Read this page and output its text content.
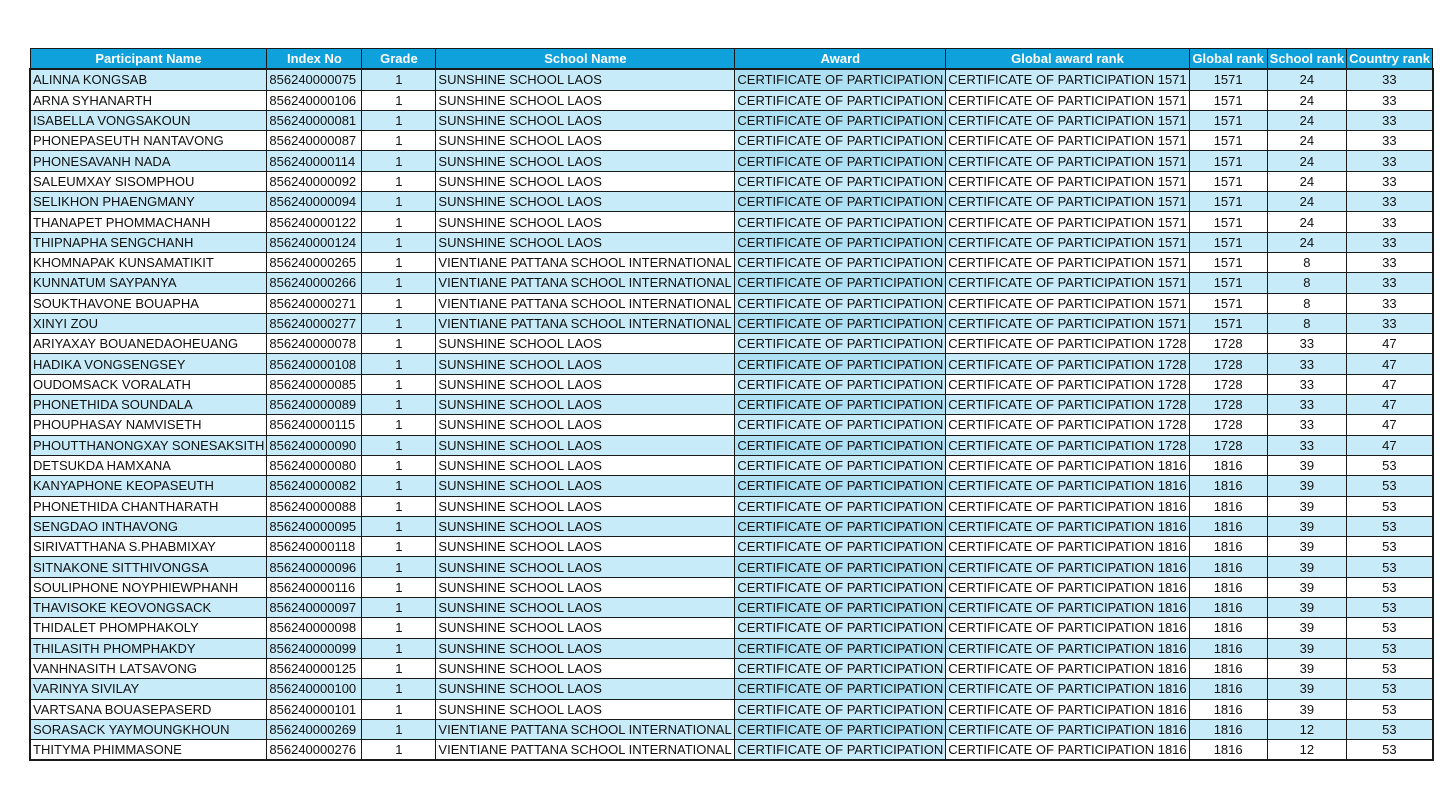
Participant Name	Index No	Grade	School Name	Award	Global award rank	Global rank	School rank	Country rank
ALINNA KONGSAB	856240000075	1	SUNSHINE SCHOOL LAOS	CERTIFICATE OF PARTICIPATION	CERTIFICATE OF PARTICIPATION 1571	1571	24	33
ARNA SYHANARTH	856240000106	1	SUNSHINE SCHOOL LAOS	CERTIFICATE OF PARTICIPATION	CERTIFICATE OF PARTICIPATION 1571	1571	24	33
ISABELLA VONGSAKOUN	856240000081	1	SUNSHINE SCHOOL LAOS	CERTIFICATE OF PARTICIPATION	CERTIFICATE OF PARTICIPATION 1571	1571	24	33
PHONEPASEUTH NANTAVONG	856240000087	1	SUNSHINE SCHOOL LAOS	CERTIFICATE OF PARTICIPATION	CERTIFICATE OF PARTICIPATION 1571	1571	24	33
PHONESAVANH NADA	856240000114	1	SUNSHINE SCHOOL LAOS	CERTIFICATE OF PARTICIPATION	CERTIFICATE OF PARTICIPATION 1571	1571	24	33
SALEUMXAY SISOMPHOU	856240000092	1	SUNSHINE SCHOOL LAOS	CERTIFICATE OF PARTICIPATION	CERTIFICATE OF PARTICIPATION 1571	1571	24	33
SELIKHON PHAENGMANY	856240000094	1	SUNSHINE SCHOOL LAOS	CERTIFICATE OF PARTICIPATION	CERTIFICATE OF PARTICIPATION 1571	1571	24	33
THANAPET PHOMMACHANH	856240000122	1	SUNSHINE SCHOOL LAOS	CERTIFICATE OF PARTICIPATION	CERTIFICATE OF PARTICIPATION 1571	1571	24	33
THIPNAPHA SENGCHANH	856240000124	1	SUNSHINE SCHOOL LAOS	CERTIFICATE OF PARTICIPATION	CERTIFICATE OF PARTICIPATION 1571	1571	24	33
KHOMNAPAK KUNSAMATIKIT	856240000265	1	VIENTIANE PATTANA SCHOOL INTERNATIONAL	CERTIFICATE OF PARTICIPATION	CERTIFICATE OF PARTICIPATION 1571	1571	8	33
KUNNATUM SAYPANYA	856240000266	1	VIENTIANE PATTANA SCHOOL INTERNATIONAL	CERTIFICATE OF PARTICIPATION	CERTIFICATE OF PARTICIPATION 1571	1571	8	33
SOUKTHAVONE BOUAPHA	856240000271	1	VIENTIANE PATTANA SCHOOL INTERNATIONAL	CERTIFICATE OF PARTICIPATION	CERTIFICATE OF PARTICIPATION 1571	1571	8	33
XINYI ZOU	856240000277	1	VIENTIANE PATTANA SCHOOL INTERNATIONAL	CERTIFICATE OF PARTICIPATION	CERTIFICATE OF PARTICIPATION 1571	1571	8	33
ARIYAXAY BOUANEDAOHEUANG	856240000078	1	SUNSHINE SCHOOL LAOS	CERTIFICATE OF PARTICIPATION	CERTIFICATE OF PARTICIPATION 1728	1728	33	47
HADIKA VONGSENGSEY	856240000108	1	SUNSHINE SCHOOL LAOS	CERTIFICATE OF PARTICIPATION	CERTIFICATE OF PARTICIPATION 1728	1728	33	47
OUDOMSACK VORALATH	856240000085	1	SUNSHINE SCHOOL LAOS	CERTIFICATE OF PARTICIPATION	CERTIFICATE OF PARTICIPATION 1728	1728	33	47
PHONETHIDA SOUNDALA	856240000089	1	SUNSHINE SCHOOL LAOS	CERTIFICATE OF PARTICIPATION	CERTIFICATE OF PARTICIPATION 1728	1728	33	47
PHOUPHASAY NAMVISETH	856240000115	1	SUNSHINE SCHOOL LAOS	CERTIFICATE OF PARTICIPATION	CERTIFICATE OF PARTICIPATION 1728	1728	33	47
PHOUTTHANONGXAY SONESAKSITH	856240000090	1	SUNSHINE SCHOOL LAOS	CERTIFICATE OF PARTICIPATION	CERTIFICATE OF PARTICIPATION 1728	1728	33	47
DETSUKDA HAMXANA	856240000080	1	SUNSHINE SCHOOL LAOS	CERTIFICATE OF PARTICIPATION	CERTIFICATE OF PARTICIPATION 1816	1816	39	53
KANYAPHONE KEOPASEUTH	856240000082	1	SUNSHINE SCHOOL LAOS	CERTIFICATE OF PARTICIPATION	CERTIFICATE OF PARTICIPATION 1816	1816	39	53
PHONETHIDA CHANTHARATH	856240000088	1	SUNSHINE SCHOOL LAOS	CERTIFICATE OF PARTICIPATION	CERTIFICATE OF PARTICIPATION 1816	1816	39	53
SENGDAO INTHAVONG	856240000095	1	SUNSHINE SCHOOL LAOS	CERTIFICATE OF PARTICIPATION	CERTIFICATE OF PARTICIPATION 1816	1816	39	53
SIRIVATTHANA S.PHABMIXAY	856240000118	1	SUNSHINE SCHOOL LAOS	CERTIFICATE OF PARTICIPATION	CERTIFICATE OF PARTICIPATION 1816	1816	39	53
SITNAKONE SITTHIVONGSA	856240000096	1	SUNSHINE SCHOOL LAOS	CERTIFICATE OF PARTICIPATION	CERTIFICATE OF PARTICIPATION 1816	1816	39	53
SOULIPHONE NOYPHIEWPHANH	856240000116	1	SUNSHINE SCHOOL LAOS	CERTIFICATE OF PARTICIPATION	CERTIFICATE OF PARTICIPATION 1816	1816	39	53
THAVISOKE KEOVONGSACK	856240000097	1	SUNSHINE SCHOOL LAOS	CERTIFICATE OF PARTICIPATION	CERTIFICATE OF PARTICIPATION 1816	1816	39	53
THIDALET PHOMPHAKOLY	856240000098	1	SUNSHINE SCHOOL LAOS	CERTIFICATE OF PARTICIPATION	CERTIFICATE OF PARTICIPATION 1816	1816	39	53
THILASITH PHOMPHAKDY	856240000099	1	SUNSHINE SCHOOL LAOS	CERTIFICATE OF PARTICIPATION	CERTIFICATE OF PARTICIPATION 1816	1816	39	53
VANHNASITH LATSAVONG	856240000125	1	SUNSHINE SCHOOL LAOS	CERTIFICATE OF PARTICIPATION	CERTIFICATE OF PARTICIPATION 1816	1816	39	53
VARINYA SIVILAY	856240000100	1	SUNSHINE SCHOOL LAOS	CERTIFICATE OF PARTICIPATION	CERTIFICATE OF PARTICIPATION 1816	1816	39	53
VARTSANA BOUASEPASERD	856240000101	1	SUNSHINE SCHOOL LAOS	CERTIFICATE OF PARTICIPATION	CERTIFICATE OF PARTICIPATION 1816	1816	39	53
SORASACK YAYMOUNGKHOUN	856240000269	1	VIENTIANE PATTANA SCHOOL INTERNATIONAL	CERTIFICATE OF PARTICIPATION	CERTIFICATE OF PARTICIPATION 1816	1816	12	53
THITYMA PHIMMASONE	856240000276	1	VIENTIANE PATTANA SCHOOL INTERNATIONAL	CERTIFICATE OF PARTICIPATION	CERTIFICATE OF PARTICIPATION 1816	1816	12	53
